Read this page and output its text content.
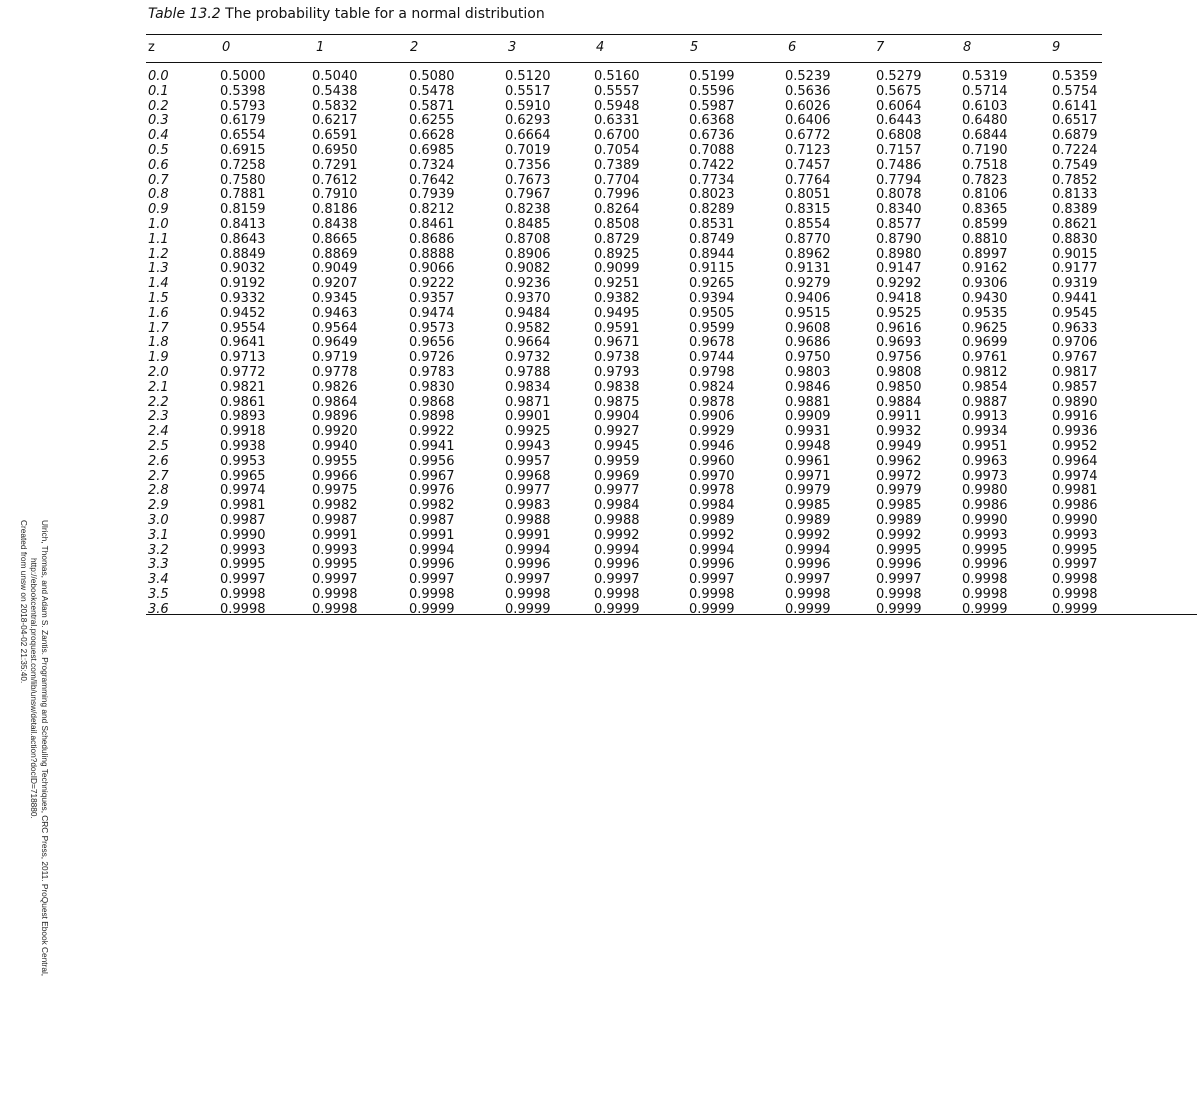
Ulrich, Thomas, and Adam S. Zantis. Programming and Scheduling Techniques, CRC Press, 2011. ProQuest Ebook Central,
http://ebookcentral.proquest.com/lib/unsw/detail.action?docID=718880.
Created from unsw on 2018-04-02 21:35:40.
Table 13.2 The probability table for a normal distribution
z	0	1	2	3	4	5	6	7	8	9
0.0	0.5000	0.5040	0.5080	0.5120	0.5160	0.5199	0.5239	0.5279	0.5319	0.5359
0.1	0.5398	0.5438	0.5478	0.5517	0.5557	0.5596	0.5636	0.5675	0.5714	0.5754
0.2	0.5793	0.5832	0.5871	0.5910	0.5948	0.5987	0.6026	0.6064	0.6103	0.6141
0.3	0.6179	0.6217	0.6255	0.6293	0.6331	0.6368	0.6406	0.6443	0.6480	0.6517
0.4	0.6554	0.6591	0.6628	0.6664	0.6700	0.6736	0.6772	0.6808	0.6844	0.6879
0.5	0.6915	0.6950	0.6985	0.7019	0.7054	0.7088	0.7123	0.7157	0.7190	0.7224
0.6	0.7258	0.7291	0.7324	0.7356	0.7389	0.7422	0.7457	0.7486	0.7518	0.7549
0.7	0.7580	0.7612	0.7642	0.7673	0.7704	0.7734	0.7764	0.7794	0.7823	0.7852
0.8	0.7881	0.7910	0.7939	0.7967	0.7996	0.8023	0.8051	0.8078	0.8106	0.8133
0.9	0.8159	0.8186	0.8212	0.8238	0.8264	0.8289	0.8315	0.8340	0.8365	0.8389
1.0	0.8413	0.8438	0.8461	0.8485	0.8508	0.8531	0.8554	0.8577	0.8599	0.8621
1.1	0.8643	0.8665	0.8686	0.8708	0.8729	0.8749	0.8770	0.8790	0.8810	0.8830
1.2	0.8849	0.8869	0.8888	0.8906	0.8925	0.8944	0.8962	0.8980	0.8997	0.9015
1.3	0.9032	0.9049	0.9066	0.9082	0.9099	0.9115	0.9131	0.9147	0.9162	0.9177
1.4	0.9192	0.9207	0.9222	0.9236	0.9251	0.9265	0.9279	0.9292	0.9306	0.9319
1.5	0.9332	0.9345	0.9357	0.9370	0.9382	0.9394	0.9406	0.9418	0.9430	0.9441
1.6	0.9452	0.9463	0.9474	0.9484	0.9495	0.9505	0.9515	0.9525	0.9535	0.9545
1.7	0.9554	0.9564	0.9573	0.9582	0.9591	0.9599	0.9608	0.9616	0.9625	0.9633
1.8	0.9641	0.9649	0.9656	0.9664	0.9671	0.9678	0.9686	0.9693	0.9699	0.9706
1.9	0.9713	0.9719	0.9726	0.9732	0.9738	0.9744	0.9750	0.9756	0.9761	0.9767
2.0	0.9772	0.9778	0.9783	0.9788	0.9793	0.9798	0.9803	0.9808	0.9812	0.9817
2.1	0.9821	0.9826	0.9830	0.9834	0.9838	0.9824	0.9846	0.9850	0.9854	0.9857
2.2	0.9861	0.9864	0.9868	0.9871	0.9875	0.9878	0.9881	0.9884	0.9887	0.9890
2.3	0.9893	0.9896	0.9898	0.9901	0.9904	0.9906	0.9909	0.9911	0.9913	0.9916
2.4	0.9918	0.9920	0.9922	0.9925	0.9927	0.9929	0.9931	0.9932	0.9934	0.9936
2.5	0.9938	0.9940	0.9941	0.9943	0.9945	0.9946	0.9948	0.9949	0.9951	0.9952
2.6	0.9953	0.9955	0.9956	0.9957	0.9959	0.9960	0.9961	0.9962	0.9963	0.9964
2.7	0.9965	0.9966	0.9967	0.9968	0.9969	0.9970	0.9971	0.9972	0.9973	0.9974
2.8	0.9974	0.9975	0.9976	0.9977	0.9977	0.9978	0.9979	0.9979	0.9980	0.9981
2.9	0.9981	0.9982	0.9982	0.9983	0.9984	0.9984	0.9985	0.9985	0.9986	0.9986
3.0	0.9987	0.9987	0.9987	0.9988	0.9988	0.9989	0.9989	0.9989	0.9990	0.9990
3.1	0.9990	0.9991	0.9991	0.9991	0.9992	0.9992	0.9992	0.9992	0.9993	0.9993
3.2	0.9993	0.9993	0.9994	0.9994	0.9994	0.9994	0.9994	0.9995	0.9995	0.9995
3.3	0.9995	0.9995	0.9996	0.9996	0.9996	0.9996	0.9996	0.9996	0.9996	0.9997
3.4	0.9997	0.9997	0.9997	0.9997	0.9997	0.9997	0.9997	0.9997	0.9998	0.9998
3.5	0.9998	0.9998	0.9998	0.9998	0.9998	0.9998	0.9998	0.9998	0.9998	0.9998
3.6	0.9998	0.9998	0.9999	0.9999	0.9999	0.9999	0.9999	0.9999	0.9999	0.9999
